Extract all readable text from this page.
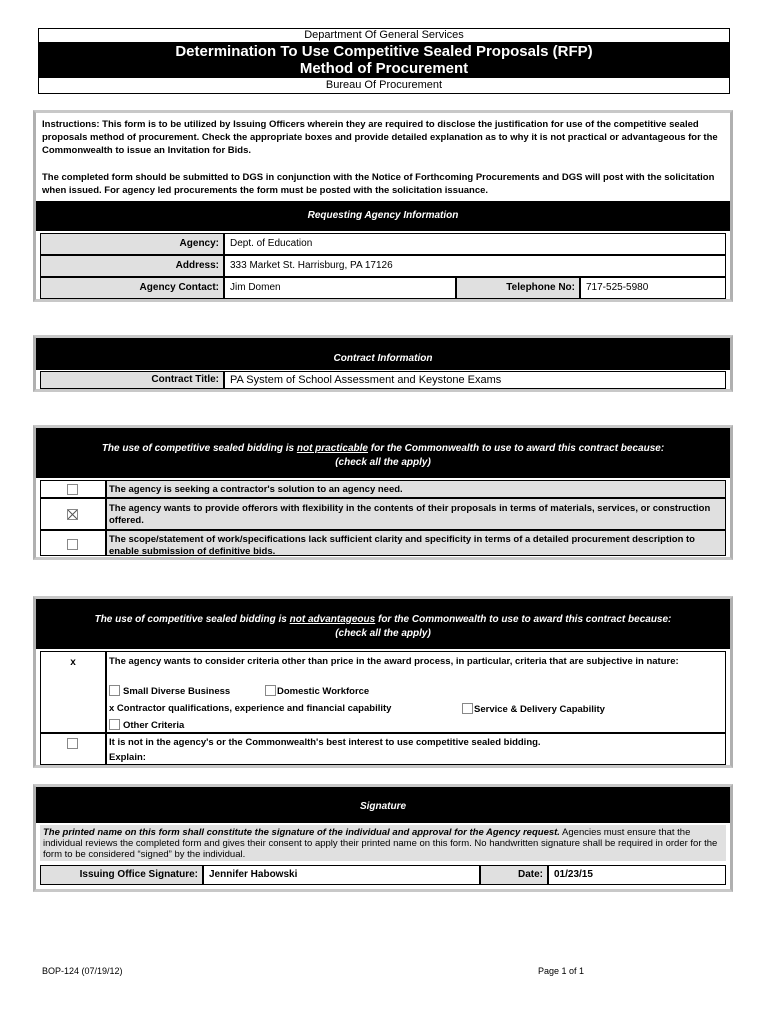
Department Of General Services
Determination To Use Competitive Sealed Proposals (RFP)
Method of Procurement
Bureau Of Procurement
Instructions: This form is to be utilized by Issuing Officers wherein they are required to disclose the justification for use of the competitive sealed proposals method of procurement. Check the appropriate boxes and provide detailed explanation as to why it is not practical or advantageous for the Commonwealth to issue an Invitation for Bids.
The completed form should be submitted to DGS in conjunction with the Notice of Forthcoming Procurements and DGS will post with the solicitation when issued. For agency led procurements the form must be posted with the solicitation issuance.
Requesting Agency Information
Agency:	Dept. of Education
Address:	333 Market St. Harrisburg, PA 17126
Agency Contact:	Jim Domen	Telephone No:	717-525-5980
Contract Information
Contract Title:	PA System of School Assessment and Keystone Exams
The use of competitive sealed bidding is not practicable for the Commonwealth to use to award this contract because:
(check all the apply)
The agency is seeking a contractor's solution to an agency need.
The agency wants to provide offerors with flexibility in the contents of their proposals in terms of materials, services, or construction offered.
The scope/statement of work/specifications lack sufficient clarity and specificity in terms of a detailed procurement description to enable submission of definitive bids.
The use of competitive sealed bidding is not advantageous for the Commonwealth to use to award this contract because:
(check all the apply)
x	The agency wants to consider criteria other than price in the award process, in particular, criteria that are subjective in nature:
Small Diverse Business	Domestic Workforce
x Contractor qualifications, experience and financial capability	Service & Delivery Capability
Other Criteria
It is not in the agency's or the Commonwealth's best interest to use competitive sealed bidding.
Explain:
Signature
The printed name on this form shall constitute the signature of the individual and approval for the Agency request. Agencies must ensure that the individual reviews the completed form and gives their consent to apply their printed name on this form. No handwritten signature shall be required in order for the form to be considered “signed” by the individual.
Issuing Office Signature:	Jennifer Habowski	Date:	01/23/15
BOP-124 (07/19/12)	Page 1 of 1
